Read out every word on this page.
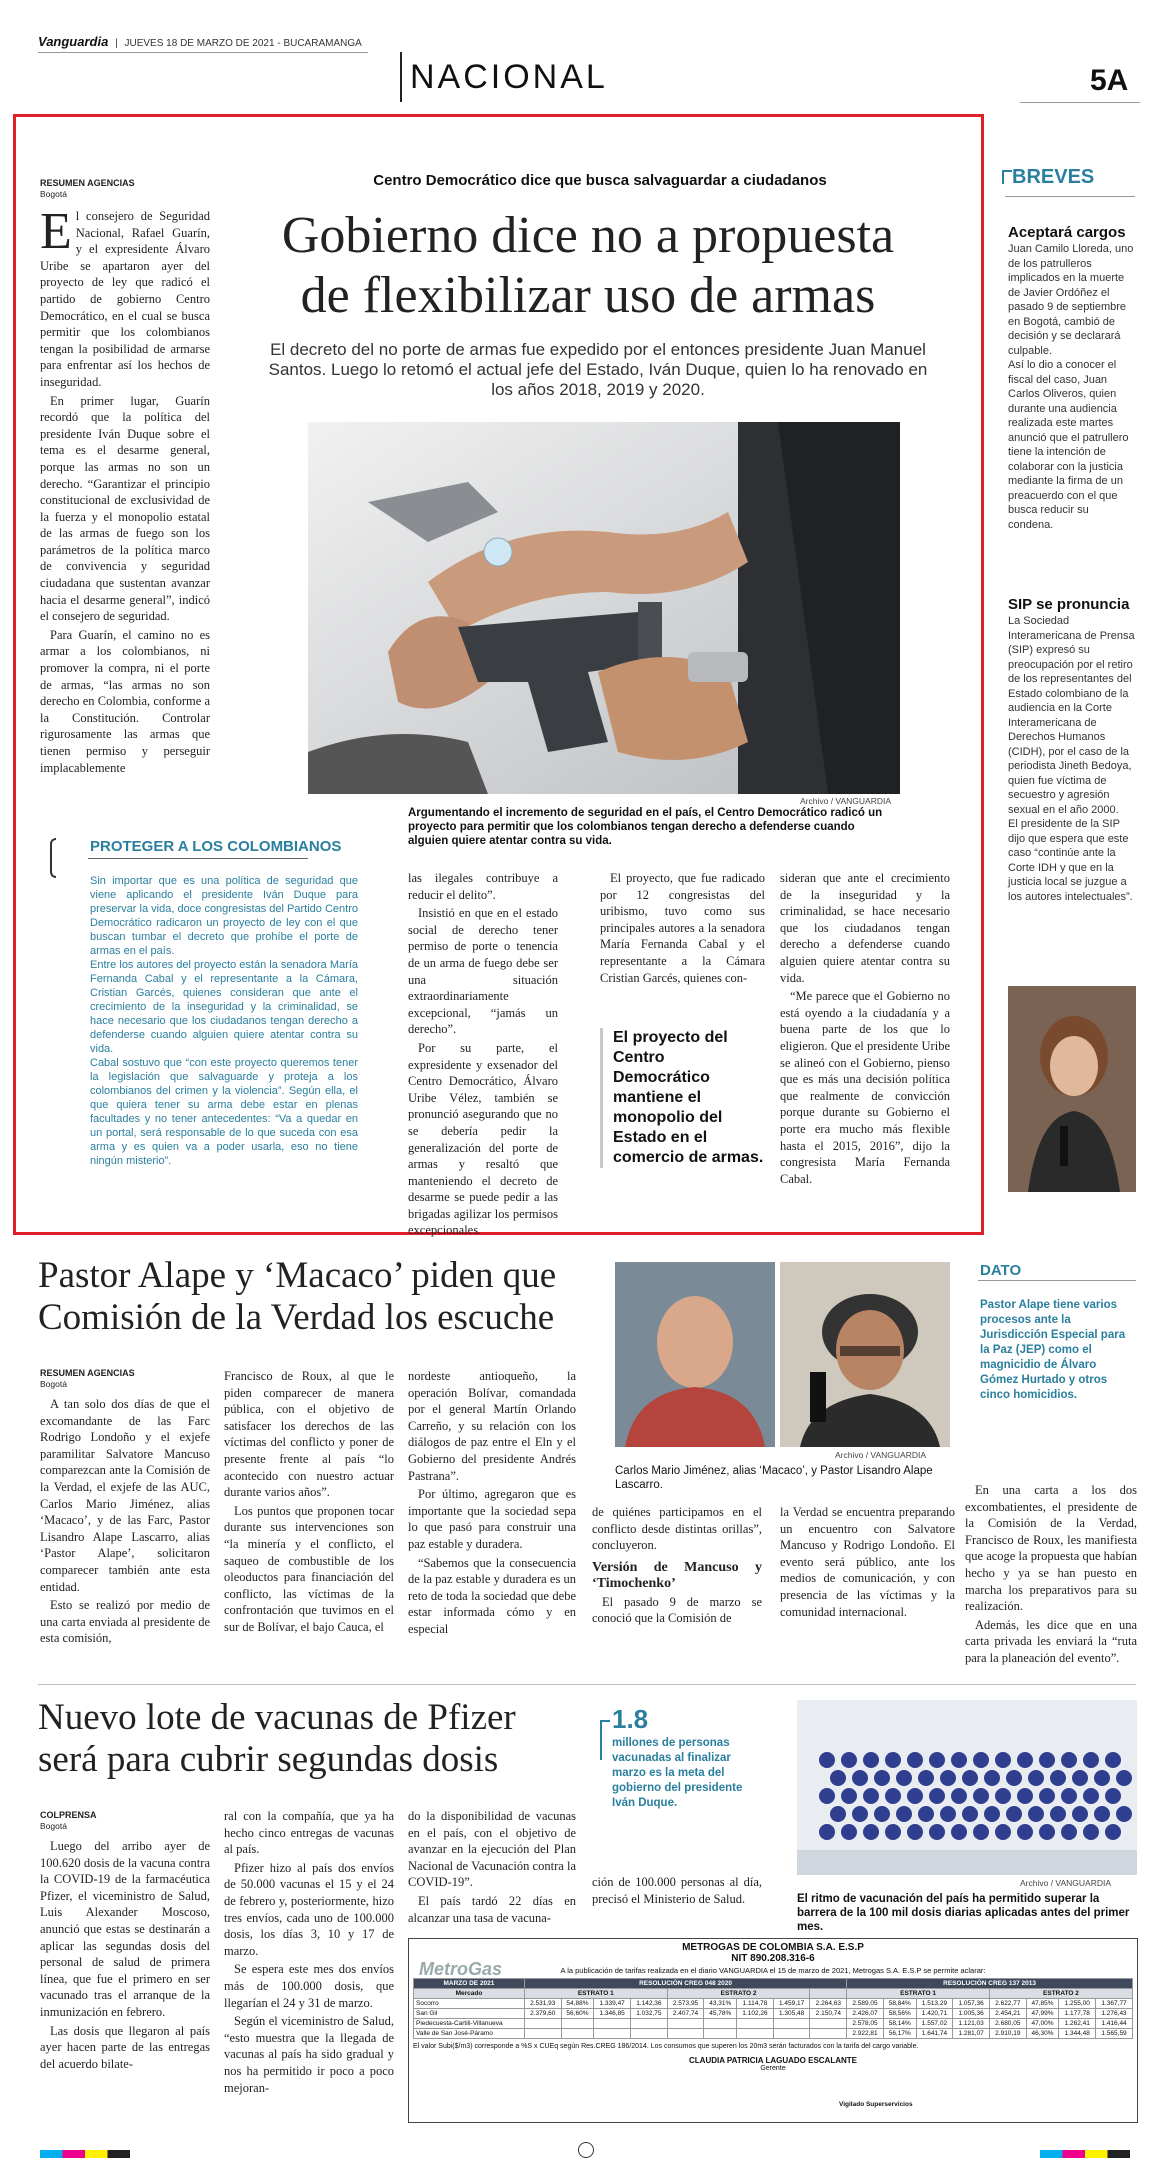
Vanguardia | JUEVES 18 DE MARZO DE 2021 - BUCARAMANGA
NACIONAL	5A
Centro Democrático dice que busca salvaguardar a ciudadanos
Gobierno dice no a propuesta
de flexibilizar uso de armas
El decreto del no porte de armas fue expedido por el entonces presidente Juan Manuel Santos. Luego lo retomó el actual jefe del Estado, Iván Duque, quien lo ha renovado en los años 2018, 2019 y 2020.
RESUMEN AGENCIAS
Bogotá

El consejero de Seguridad Nacional, Rafael Guarín, y el expresidente Álvaro Uribe se apartaron ayer del proyecto de ley que radicó el partido de gobierno Centro Democrático, en el cual se busca permitir que los colombianos tengan la posibilidad de armarse para enfrentar así los hechos de inseguridad.

En primer lugar, Guarín recordó que la política del presidente Iván Duque sobre el tema es el desarme general, porque las armas no son un derecho. “Garantizar el principio constitucional de exclusividad de la fuerza y el monopolio estatal de las armas de fuego son los parámetros de la política marco de convivencia y seguridad ciudadana que sustentan avanzar hacia el desarme general”, indicó el consejero de seguridad.

Para Guarín, el camino no es armar a los colombianos, ni promover la compra, ni el porte de armas, “las armas no son derecho en Colombia, conforme a la Constitución. Controlar rigurosamente las armas que tienen permiso y perseguir implacablemente

Archivo / VANGUARDIA
Argumentando el incremento de seguridad en el país, el Centro Democrático radicó un proyecto para permitir que los colombianos tengan derecho a defenderse cuando alguien quiere atentar contra su vida.
PROTEGER A LOS COLOMBIANOS

Sin importar que es una política de seguridad que viene aplicando el presidente Iván Duque para preservar la vida, doce congresistas del Partido Centro Democrático radicaron un proyecto de ley con el que buscan tumbar el decreto que prohíbe el porte de armas en el país.

Entre los autores del proyecto están la senadora María Fernanda Cabal y el representante a la Cámara, Cristian Garcés, quienes consideran que ante el crecimiento de la inseguridad y la criminalidad, se hace necesario que los ciudadanos tengan derecho a defenderse cuando alguien quiere atentar contra su vida.

Cabal sostuvo que “con este proyecto queremos tener la legislación que salvaguarde y proteja a los colombianos del crimen y la violencia”. Según ella, el que quiera tener su arma debe estar en plenas facultades y no tener antecedentes: “Va a quedar en un portal, será responsable de lo que suceda con esa arma y es quien va a poder usarla, eso no tiene ningún misterio”.

las ilegales contribuye a reducir el delito”.

Insistió en que en el estado social de derecho tener permiso de porte o tenencia de un arma de fuego debe ser una situación extraordinariamente excepcional, “jamás un derecho”.

Por su parte, el expresidente y exsenador del Centro Democrático, Álvaro Uribe Vélez, también se pronunció asegurando que no se debería pedir la generalización del porte de armas y resaltó que manteniendo el decreto de desarme se puede pedir a las brigadas agilizar los permisos excepcionales.

El proyecto, que fue radicado por 12 congresistas del uribismo, tuvo como sus principales autores a la senadora María Fernanda Cabal y el representante a la Cámara Cristian Garcés, quienes con-

El proyecto del Centro Democrático mantiene el monopolio del Estado en el comercio de armas.

sideran que ante el crecimiento de la inseguridad y la criminalidad, se hace necesario que los ciudadanos tengan derecho a defenderse cuando alguien quiere atentar contra su vida.

“Me parece que el Gobierno no está oyendo a la ciudadanía y a buena parte de los que lo eligieron. Que el presidente Uribe se alineó con el Gobierno, pienso que es más una decisión política que realmente de convicción porque durante su Gobierno el porte era mucho más flexible hasta el 2015, 2016”, dijo la congresista María Fernanda Cabal.

BREVES
Aceptará cargos
Juan Camilo Lloreda, uno de los patrulleros implicados en la muerte de Javier Ordóñez el pasado 9 de septiembre en Bogotá, cambió de decisión y se declarará culpable.
Así lo dio a conocer el fiscal del caso, Juan Carlos Oliveros, quien durante una audiencia realizada este martes anunció que el patrullero tiene la intención de colaborar con la justicia mediante la firma de un preacuerdo con el que busca reducir su condena.
SIP se pronuncia
La Sociedad Interamericana de Prensa (SIP) expresó su preocupación por el retiro de los representantes del Estado colombiano de la audiencia en la Corte Interamericana de Derechos Humanos (CIDH), por el caso de la periodista Jineth Bedoya, quien fue víctima de secuestro y agresión sexual en el año 2000.
El presidente de la SIP dijo que espera que este caso “continúe ante la Corte IDH y que en la justicia local se juzgue a los autores intelectuales”.
Pastor Alape y ‘Macaco’ piden que
Comisión de la Verdad los escuche
RESUMEN AGENCIAS
Bogotá

A tan solo dos días de que el excomandante de las Farc Rodrigo Londoño y el exjefe paramilitar Salvatore Mancuso comparezcan ante la Comisión de la Verdad, el exjefe de las AUC, Carlos Mario Jiménez, alias ‘Macaco’, y de las Farc, Pastor Lisandro Alape Lascarro, alias ‘Pastor Alape’, solicitaron comparecer también ante esta entidad.

Esto se realizó por medio de una carta enviada al presidente de esta comisión,

Francisco de Roux, al que le piden comparecer de manera pública, con el objetivo de satisfacer los derechos de las víctimas del conflicto y poner de presente frente al país “lo acontecido con nuestro actuar durante varios años”.

Los puntos que proponen tocar durante sus intervenciones son “la minería y el conflicto, el saqueo de combustible de los oleoductos para financiación del conflicto, las víctimas de la confrontación que tuvimos en el sur de Bolívar, el bajo Cauca, el

nordeste antioqueño, la operación Bolívar, comandada por el general Martín Orlando Carreño, y su relación con los diálogos de paz entre el Eln y el Gobierno del presidente Andrés Pastrana”.

Por último, agregaron que es importante que la sociedad sepa lo que pasó para construir una paz estable y duradera.

“Sabemos que la consecuencia de la paz estable y duradera es un reto de toda la sociedad que debe estar informada cómo y en especial

de quiénes participamos en el conflicto desde distintas orillas”, concluyeron.

Versión de Mancuso y ‘Timochenko’

El pasado 9 de marzo se conoció que la Comisión de

la Verdad se encuentra preparando un encuentro con Salvatore Mancuso y Rodrigo Londoño. El evento será público, ante los medios de comunicación, y con presencia de las víctimas y la comunidad internacional.

Archivo / VANGUARDIA
Carlos Mario Jiménez, alias ‘Macaco’, y Pastor Lisandro Alape Lascarro.
DATO
Pastor Alape tiene varios procesos ante la Jurisdicción Especial para la Paz (JEP) como el magnicidio de Álvaro Gómez Hurtado y otros cinco homicidios.

En una carta a los dos excombatientes, el presidente de la Comisión de la Verdad, Francisco de Roux, les manifiesta que acoge la propuesta que habían hecho y ya se han puesto en marcha los preparativos para su realización.

Además, les dice que en una carta privada les enviará la “ruta para la planeación del evento”.

Nuevo lote de vacunas de Pfizer
será para cubrir segundas dosis
1.8
millones de personas vacunadas al finalizar marzo es la meta del gobierno del presidente Iván Duque.
COLPRENSA
Bogotá

Luego del arribo ayer de 100.620 dosis de la vacuna contra la COVID-19 de la farmacéutica Pfizer, el viceministro de Salud, Luis Alexander Moscoso, anunció que estas se destinarán a aplicar las segundas dosis del personal de salud de primera línea, que fue el primero en ser vacunado tras el arranque de la inmunización en febrero.

Las dosis que llegaron al país ayer hacen parte de las entregas del acuerdo bilate-

ral con la compañía, que ya ha hecho cinco entregas de vacunas al país.

Pfizer hizo al país dos envíos de 50.000 vacunas el 15 y el 24 de febrero y, posteriormente, hizo tres envíos, cada uno de 100.000 dosis, los días 3, 10 y 17 de marzo.

Se espera este mes dos envíos más de 100.000 dosis, que llegarían el 24 y 31 de marzo.

Según el viceministro de Salud, “esto muestra que la llegada de vacunas al país ha sido gradual y nos ha permitido ir poco a poco mejoran-

do la disponibilidad de vacunas en el país, con el objetivo de avanzar en la ejecución del Plan Nacional de Vacunación contra la COVID-19”.

El país tardó 22 días en alcanzar una tasa de vacuna-

ción de 100.000 personas al día, precisó el Ministerio de Salud.

Archivo / VANGUARDIA
El ritmo de vacunación del país ha permitido superar la barrera de la 100 mil dosis diarias aplicadas antes del primer mes.
MetroGas
METROGAS DE COLOMBIA S.A. E.S.P
NIT 890.208.316-6
A la publicación de tarifas realizada en el diario VANGUARDIA el 15 de marzo de 2021, Metrogas S.A. E.S.P se permite aclarar:
MARZO DE 2021	RESOLUCIÓN CREG 048 2020									RESOLUCIÓN CREG 137 2013							
Mercado	ESTRATO 1				ESTRATO 2					ESTRATO 1				ESTRATO 2			
Socorro	2.531,93	54,88%	1.339,47	1.142,36	2.573,95	43,31%	1.114,78	1.459,17	2.264,63	2.589,05	58,84%	1.513,29	1.057,36	2.622,77	47,85%	1.255,00	1.367,77
San Gil	2.379,60	56,60%	1.346,85	1.032,75	2.407,74	45,78%	1.102,26	1.305,48	2.150,74	2.426,07	58,56%	1.420,71	1.005,36	2.454,21	47,99%	1.177,78	1.276,43
Piedecuesta-Cartili-Villanueva										2.578,05	58,14%	1.557,02	1.121,03	2.680,05	47,00%	1.262,41	1.416,44
Valle de San José-Páramo										2.922,81	56,17%	1.641,74	1.281,07	2.910,19	46,30%	1.344,48	1.565,59
El valor Subi($/m3) corresponde a %S x CUEq según Res.CREG 186/2014. Los consumos que superen los 20m3 serán facturados con la tarifa del cargo variable.
CLAUDIA PATRICIA LAGUADO ESCALANTE
Gerente
Vigilado Superservicios
